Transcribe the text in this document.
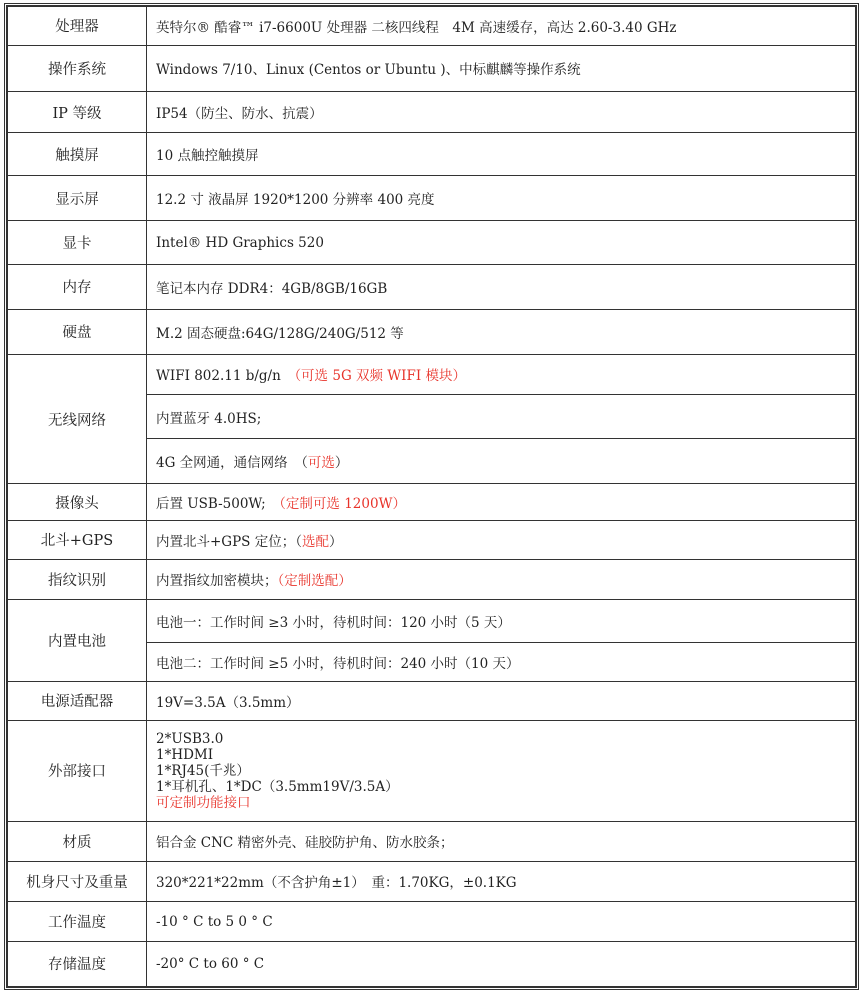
处理器	英特尔® 酷睿™ i7-6600U 处理器 二核四线程　4M 高速缓存，高达 2.60-3.40 GHz
操作系统	Windows 7/10、Linux (Centos or Ubuntu )、中标麒麟等操作系统
IP 等级	IP54（防尘、防水、抗震）
触摸屏	10 点触控触摸屏
显示屏	12.2 寸 液晶屏 1920*1200 分辨率 400 亮度
显卡	Intel® HD Graphics 520
内存	笔记本内存 DDR4：4GB/8GB/16GB
硬盘	M.2 固态硬盘:64G/128G/240G/512 等
无线网络	WIFI 802.11 b/g/n　（可选 5G 双频 WIFI 模块）
	内置蓝牙 4.0HS;
	4G 全网通，通信网络　（可选）
摄像头	后置 USB-500W;　（定制可选 1200W）
北斗+GPS	内置北斗+GPS 定位；（选配）
指纹识别	内置指纹加密模块；（定制选配）
内置电池	电池一：工作时间 ≥3 小时，待机时间：120 小时（5 天）
	电池二：工作时间 ≥5 小时，待机时间：240 小时（10 天）
电源适配器	19V=3.5A（3.5mm）
外部接口	2*USB3.0
1*HDMI
1*RJ45(千兆）
1*耳机孔、1*DC（3.5mm19V/3.5A）
可定制功能接口

材质	铝合金 CNC 精密外壳、硅胶防护角、防水胶条；
机身尺寸及重量	320*221*22mm（不含护角±1）　重：1.70KG，±0.1KG
工作温度	-10 ° C to 5 0 ° C
存储温度	-20° C to 60 ° C
